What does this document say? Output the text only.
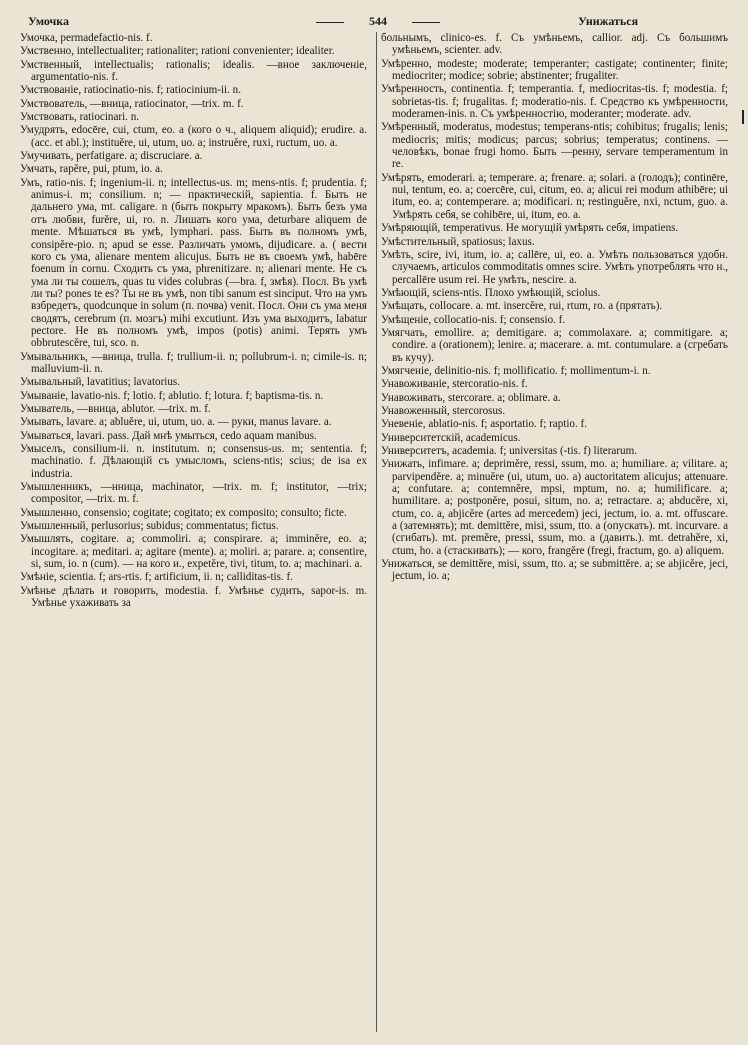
Умочка	544	Унижаться

Умочка, permadefactio-nis. f.

Умственно, intellectualiter; rationaliter; rationi convenienter; idealiter.

Умственный, intellectualis; rationalis; idealis. —вное заключеніе, argumentatio-nis. f.

Умствованіе, ratiocinatio-nis. f; ratiocinium-ii. n.

Умствователь, —вница, ratiocinator, —trix. m. f.

Умствовать, ratiocinari. n.

Умудрять, edocēre, cui, ctum, eo. a (кого о ч., aliquem aliquid); erudire. a. (acc. et abl.); instituĕre, ui, utum, uo. a; instruĕre, ruxi, ructum, uo. a.

Умучивать, perfatigare. a; discruciare. a.

Умчать, rapĕre, pui, ptum, io. a.

Умъ, ratio-nis. f; ingenium-ii. n; intellectus-us. m; mens-ntis. f; prudentia. f; animus-i. m; consilium. n; — практическій, sapientia. f. Быть не дальнего ума, mt. caligare. n (быть покрыту мракомъ). Быть безъ ума отъ любви, furĕre, ui, ro. n. Лишать кого ума, deturbare aliquem de mente. Мѣшаться въ умѣ, lymphari. pass. Быть въ полномъ умѣ, consipĕre-pio. n; apud se esse. Различать умомъ, dijudicare. a. ( вести кого съ ума, alienare mentem alicujus. Быть не въ своемъ умѣ, habēre foenum in cornu. Сходить съ ума, phrenitizare. n; alienari mente. Не съ ума ли ты сошелъ, quas tu vides colubras (—bra. f, змѣя). Посл. Въ умѣ ли ты? pones te es? Ты не въ умѣ, non tibi sanum est sinciput. Что на умъ взбредетъ, quodcunque in solum (п. почва) venit. Посл. Они съ ума меня сводятъ, cerebrum (п. мозгъ) mihi excutiunt. Изъ ума выходитъ, labatur pectore. Не въ полномъ умѣ, impos (potis) animi. Терять умъ obbrutescĕre, tui, sco. n.

Умывальникъ, —вница, trulla. f; trullium-ii. n; pollubrum-i. n; cimile-is. n; malluvium-ii. n.

Умывальный, lavatitius; lavatorius.

Умываніе, lavatio-nis. f; lotio. f; ablutio. f; lotura. f; baptisma-tis. n.

Умыватель, —вница, ablutor. —trix. m. f.

Умывать, lavare. a; abluĕre, ui, utum, uo. a. — руки, manus lavare. a.

Умываться, lavari. pass. Дай мнѣ умыться, cedo aquam manibus.

Умыселъ, consilium-ii. n. institutum. n; consensus-us. m; sententia. f; machinatio. f. Дѣлающій съ умысломъ, sciens-ntis; scius; de isa ex industria.

Умышленникъ, —нница, machinator, —trix. m. f; institutor, —trix; compositor, —trix. m. f.

Умышленно, consensio; cogitate; cogitato; ex composito; consulto; ficte.

Умышленный, perlusorius; subidus; commentatus; fictus.

Умышлять, cogitare. a; commoliri. a; conspirare. a; imminĕre, eo. a; incogitare. a; meditari. a; agitare (mente). a; moliri. a; parare. a; consentire, si, sum, io. n (cum). — на кого и., expetĕre, tivi, titum, to. a; machinari. a.

Умѣніе, scientia. f; ars-rtis. f; artificium, ii. n; calliditas-tis. f.

Умѣнье дѣлать и говорить, modestia. f. Умѣнье судить, sapor-is. m. Умѣнье ухаживать за

больнымъ, clinico-es. f. Съ умѣньемъ, callior. adj. Съ большимъ умѣньемъ, scienter. adv.

Умѣренно, modeste; moderate; temperanter; castigate; continenter; finite; mediocriter; modice; sobrie; abstinenter; frugaliter.

Умѣренность, continentia. f; temperantia. f, mediocritas-tis. f; modestia. f; sobrietas-tis. f; frugalitas. f; moderatio-nis. f. Средство къ умѣренности, moderamen-inis. n. Съ умѣренностію, moderanter; moderate. adv.

Умѣренный, moderatus, modestus; temperans-ntis; cohibitus; frugalis; lenis; mediocris; mitis; modicus; parcus; sobrius; temperatus; continens. — человѣкъ, bonae frugi homo. Быть —ренну, servare temperamentum in re.

Умѣрять, emoderari. a; temperare. a; frenare. a; solari. a (голодъ); continēre, nui, tentum, eo. a; coercēre, cui, citum, eo. a; alicui rei modum athibēre; ui itum, eo. a; contemperare. a; modificari. n; restinguĕre, nxi, nctum, guo. a. Умѣрять себя, se cohibēre, ui, itum, eo. a.

Умѣряющій, temperativus. Не могущій умѣрять себя, impatiens.

Умѣстительный, spatiosus; laxus.

Умѣть, scire, ivi, itum, io. a; callēre, ui, eo. a. Умѣть пользоваться удобн. случаемъ, articulos commoditatis omnes scire. Умѣть употреблять что н., percallēre usum rei. Не умѣть, nescire. a.

Умѣющій, sciens-ntis. Плохо умѣющій, sciolus.

Умѣщать, collocare. a. mt. insercĕre, rui, rtum, ro. a (прятать).

Умѣщеніе, collocatio-nis. f; consensio. f.

Умягчать, emollire. a; demitigare. a; commolaxare. a; commitigare. a; condire. a (orationem); lenire. a; macerare. a. mt. contumulare. a (сгребать въ кучу).

Умягченіе, delinitio-nis. f; mollificatio. f; mollimentum-i. n.

Унавоживаніе, stercoratio-nis. f.

Унавоживать, stercorare. a; oblimare. a.

Унавоженный, stercorosus.

Уневеніе, ablatio-nis. f; asportatio. f; raptio. f.

Университетскій, academicus.

Университетъ, academia. f; universitas (-tis. f) literarum.

Унижать, infimare. a; deprimĕre, ressi, ssum, mo. a; humiliare. a; vilitare. a; parvipendĕre. a; minuĕre (ui, utum, uo. a) auctoritatem alicujus; attenuare. a; confutare. a; contemnĕre, mpsi, mptum, no. a; humilificare. a; humilitare. a; postponĕre, posui, situm, no. a; retractare. a; abducĕre, xi, ctum, co. a, abjicĕre (artes ad mercedem) jeci, jectum, io. a. mt. offuscare. a (затемнять); mt. demittĕre, misi, ssum, tto. a (опускать). mt. incurvare. a (сгибать). mt. premĕre, pressi, ssum, mo. a (давить.). mt. detrahĕre, xi, ctum, ho. a (стаскивать); — кого, frangĕre (fregi, fractum, go. a) aliquem.

Унижаться, se demittĕre, misi, ssum, tto. a; se submittĕre. a; se abjicĕre, jeci, jectum, io. a;
